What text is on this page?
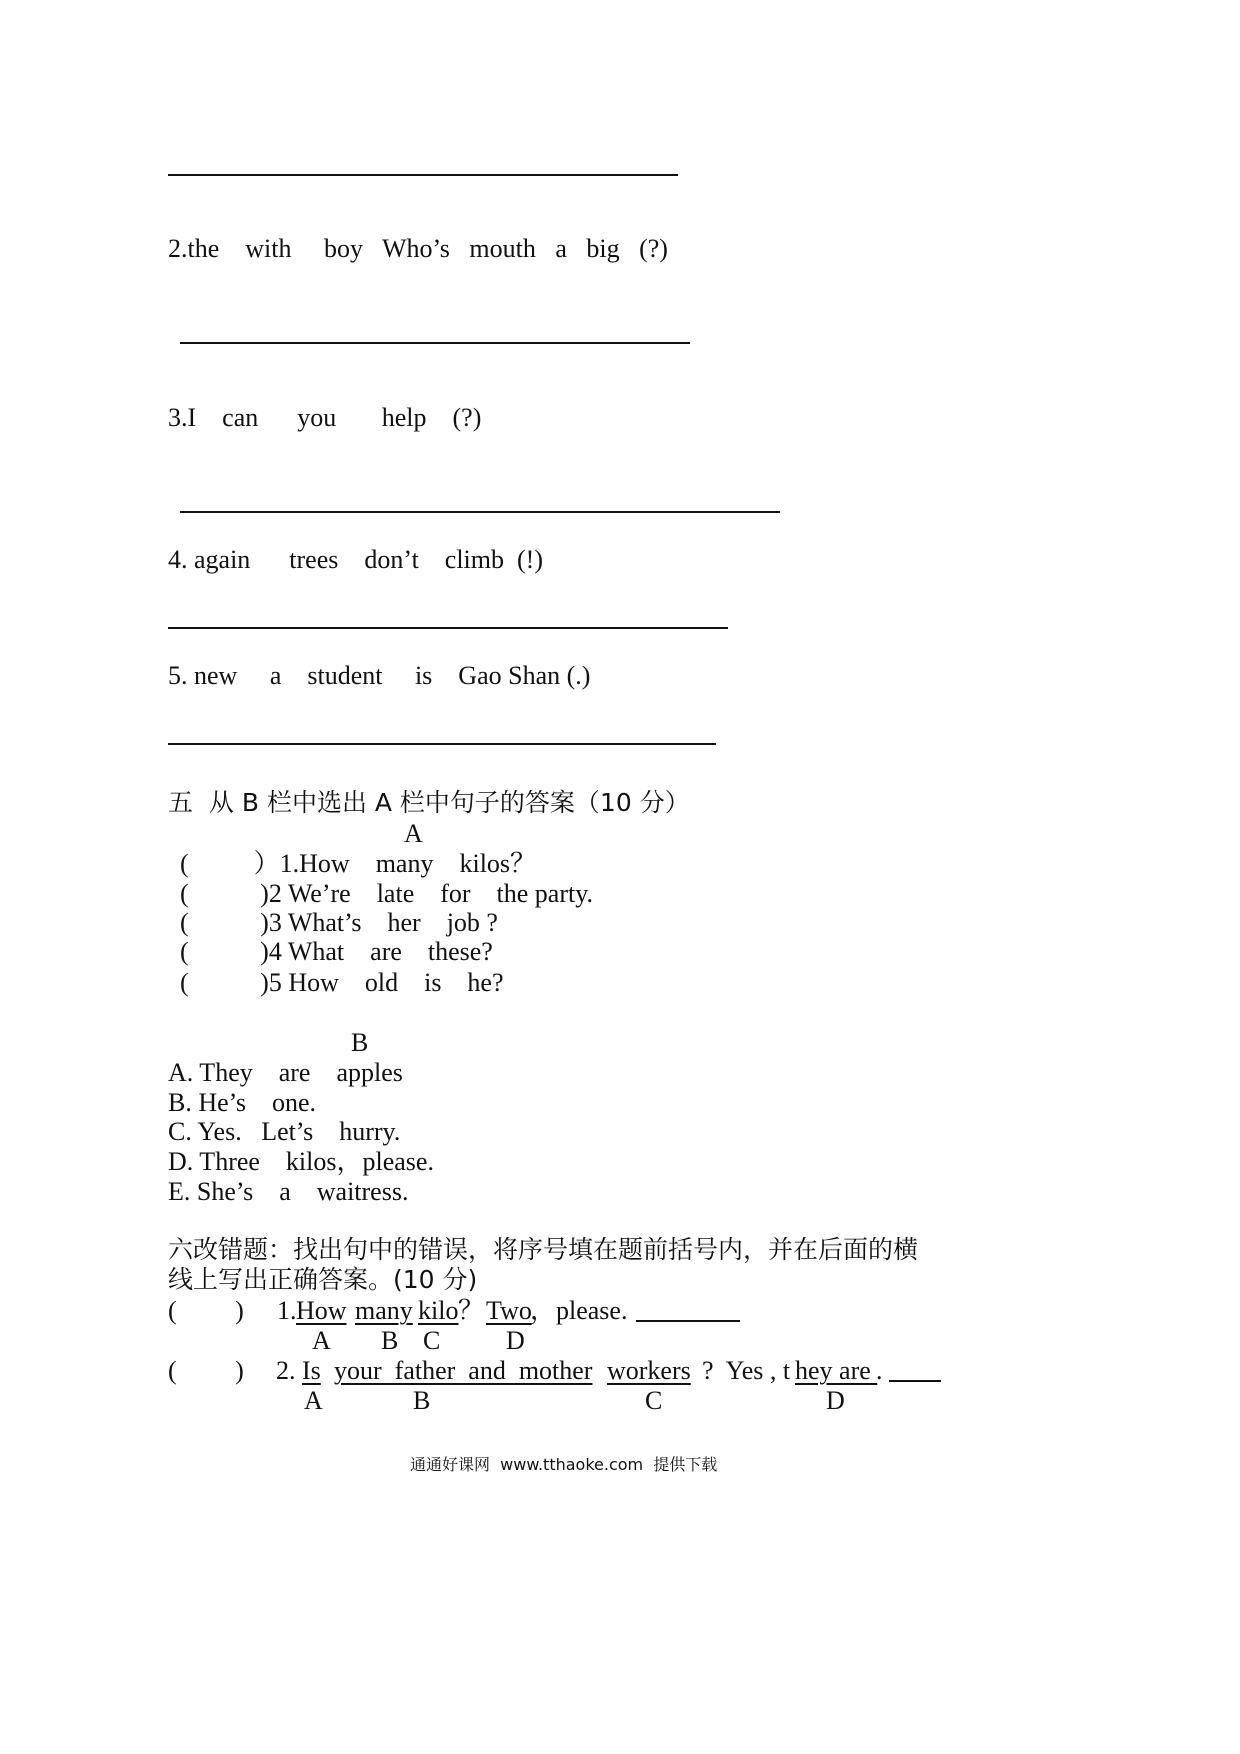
2.the    with     boy   Who’s   mouth   a   big   (?)
3.I    can      you       help    (?)
4. again      trees    don’t    climb  (!)
5. new     a    student     is    Gao Shan (.)
五  从 B 栏中选出 A 栏中句子的答案（10 分）
A
(          ）1.How    many    kilos？
(           )2 We’re    late    for    the party.
(           )3 What’s    her    job ?
(           )4 What    are    these?
(           )5 How    old    is    he?
B
A. They    are    apples
B. He’s    one.
C. Yes.   Let’s    hurry.
D. Three    kilos，please.
E. She’s    a    waitress.
六改错题：找出句中的错误，将序号填在题前括号内，并在后面的横
线上写出正确答案。(10 分)
(         ) 1. How many kilo ？ Two
，please.
A B C	D
(         ) 2. Is your  father  and  mother workers ?  Yes , t hey are
.
A	B	C	D
通通好课网  www.tthaoke.com  提供下载
